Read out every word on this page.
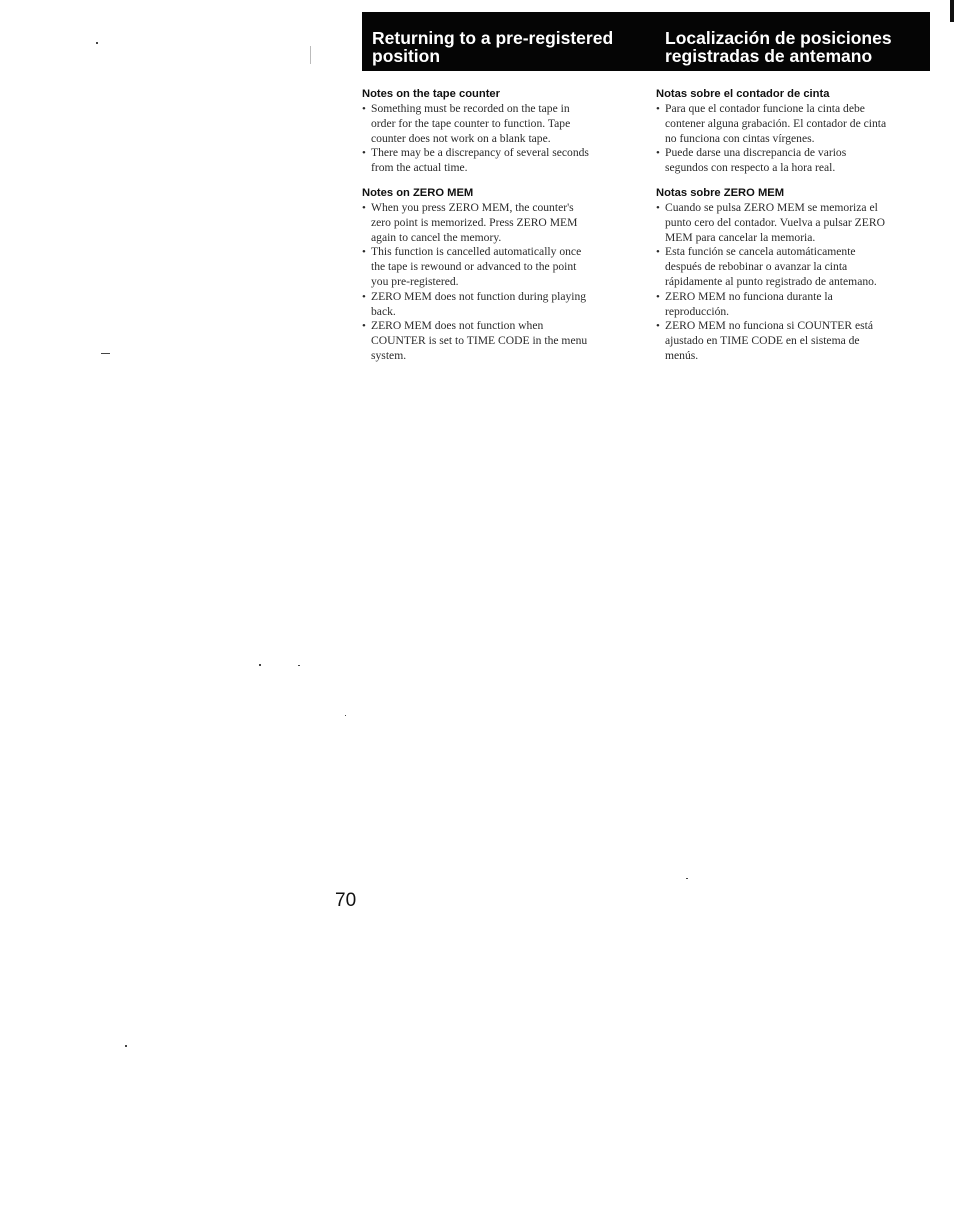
Returning to a pre-registered
position
Localización de posiciones
registradas de antemano
Notes on the tape counter
• Something must be recorded on the tape in
order for the tape counter to function. Tape
counter does not work on a blank tape.
• There may be a discrepancy of several seconds
from the actual time.
Notes on ZERO MEM
• When you press ZERO MEM, the counter's
zero point is memorized. Press ZERO MEM
again to cancel the memory.
• This function is cancelled automatically once
the tape is rewound or advanced to the point
you pre-registered.
• ZERO MEM does not function during playing
back.
• ZERO MEM does not function when
COUNTER is set to TIME CODE in the menu
system.
Notas sobre el contador de cinta
• Para que el contador funcione la cinta debe
contener alguna grabación. El contador de cinta
no funciona con cintas vírgenes.
• Puede darse una discrepancia de varios
segundos con respecto a la hora real.
Notas sobre ZERO MEM
• Cuando se pulsa ZERO MEM se memoriza el
punto cero del contador. Vuelva a pulsar ZERO
MEM para cancelar la memoria.
• Esta función se cancela automáticamente
después de rebobinar o avanzar la cinta
rápidamente al punto registrado de antemano.
• ZERO MEM no funciona durante la
reproducción.
• ZERO MEM no funciona si COUNTER está
ajustado en TIME CODE en el sistema de
menús.
70
